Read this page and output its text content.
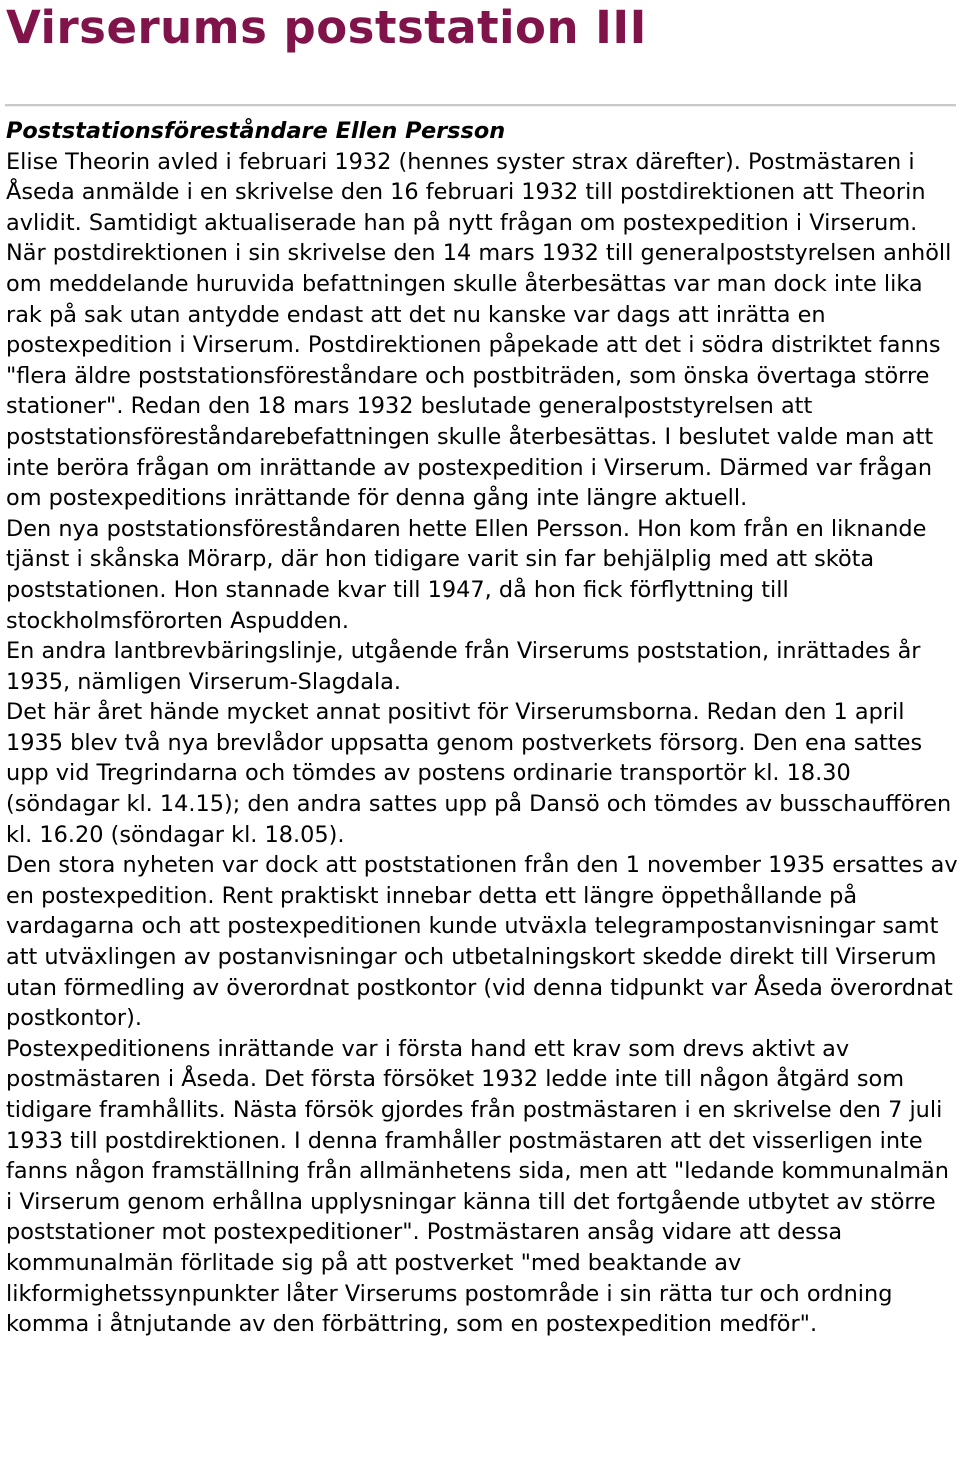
Virserums poststation III
Poststationsföreståndare Ellen Persson

Elise Theorin avled i februari 1932 (hennes syster strax därefter). Postmästaren i Åseda anmälde i en skrivelse den 16 februari 1932 till postdirektionen att Theorin avlidit. Samtidigt aktualiserade han på nytt frågan om postexpedition i Virserum. När postdirektionen i sin skrivelse den 14 mars 1932 till generalpoststyrelsen anhöll om meddelande huruvida befattningen skulle återbesättas var man dock inte lika rak på sak utan antydde endast att det nu kanske var dags att inrätta en postexpedition i Virserum. Postdirektionen påpekade att det i södra distriktet fanns "flera äldre poststationsföreståndare och postbiträden, som önska övertaga större stationer". Redan den 18 mars 1932 beslutade generalpoststyrelsen att poststationsföreståndarebefattningen skulle återbesättas. I beslutet valde man att inte beröra frågan om inrättande av postexpedition i Virserum. Därmed var frågan om postexpeditions inrättande för denna gång inte längre aktuell.

Den nya poststationsföreståndaren hette Ellen Persson. Hon kom från en liknande tjänst i skånska Mörarp, där hon tidigare varit sin far behjälplig med att sköta poststationen. Hon stannade kvar till 1947, då hon fick förflyttning till stockholmsförorten Aspudden.

En andra lantbrevbäringslinje, utgående från Virserums poststation, inrättades år 1935, nämligen Virserum-Slagdala.

Det här året hände mycket annat positivt för Virserumsborna. Redan den 1 april 1935 blev två nya brevlådor uppsatta genom postverkets försorg. Den ena sattes upp vid Tregrindarna och tömdes av postens ordinarie transportör kl. 18.30 (söndagar kl. 14.15); den andra sattes upp på Dansö och tömdes av busschauffören kl. 16.20 (söndagar kl. 18.05).

Den stora nyheten var dock att poststationen från den 1 november 1935 ersattes av en postexpedition. Rent praktiskt innebar detta ett längre öppethållande på vardagarna och att postexpeditionen kunde utväxla telegrampostanvisningar samt att utväxlingen av postanvisningar och utbetalningskort skedde direkt till Virserum utan förmedling av överordnat postkontor (vid denna tidpunkt var Åseda överordnat postkontor).

Postexpeditionens inrättande var i första hand ett krav som drevs aktivt av postmästaren i Åseda. Det första försöket 1932 ledde inte till någon åtgärd som tidigare framhållits. Nästa försök gjordes från postmästaren i en skrivelse den 7 juli 1933 till postdirektionen. I denna framhåller postmästaren att det visserligen inte fanns någon framställning från allmänhetens sida, men att "ledande kommunalmän i Virserum genom erhållna upplysningar känna till det fortgående utbytet av större poststationer mot postexpeditioner". Postmästaren ansåg vidare att dessa kommunalmän förlitade sig på att postverket "med beaktande av likformighetssynpunkter låter Virserums postområde i sin rätta tur och ordning komma i åtnjutande av den förbättring, som en postexpedition medför".
